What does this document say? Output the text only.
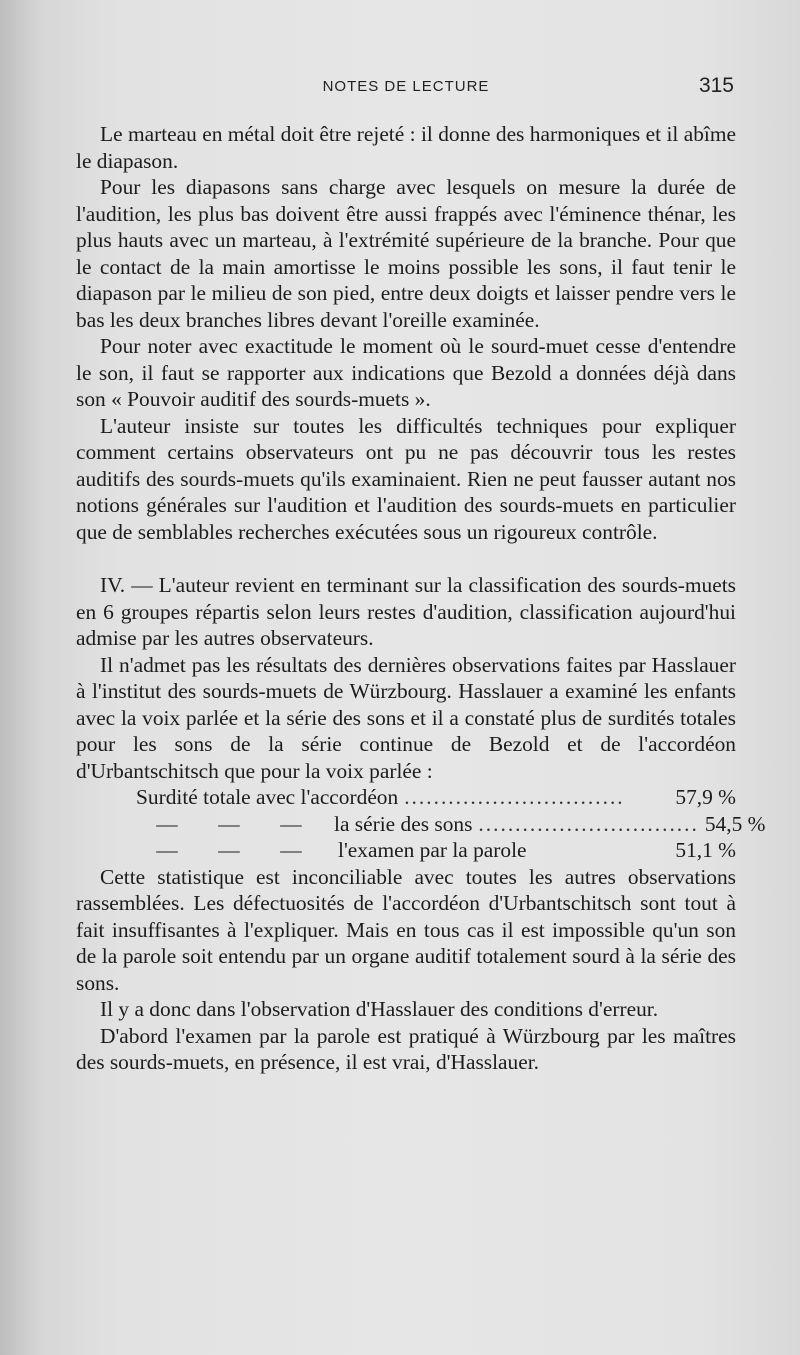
NOTES DE LECTURE	315

Le marteau en métal doit être rejeté : il donne des harmoniques et il abîme le diapason.

Pour les diapasons sans charge avec lesquels on mesure la durée de l'audition, les plus bas doivent être aussi frappés avec l'éminence thénar, les plus hauts avec un marteau, à l'extrémité supérieure de la branche. Pour que le contact de la main amortisse le moins possible les sons, il faut tenir le diapason par le milieu de son pied, entre deux doigts et laisser pendre vers le bas les deux branches libres devant l'oreille examinée.

Pour noter avec exactitude le moment où le sourd-muet cesse d'entendre le son, il faut se rapporter aux indications que Bezold a données déjà dans son « Pouvoir auditif des sourds-muets ».

L'auteur insiste sur toutes les difficultés techniques pour expliquer comment certains observateurs ont pu ne pas découvrir tous les restes auditifs des sourds-muets qu'ils examinaient. Rien ne peut fausser autant nos notions générales sur l'audition et l'audition des sourds-muets en particulier que de semblables recherches exécutées sous un rigoureux contrôle.

IV. — L'auteur revient en terminant sur la classification des sourds-muets en 6 groupes répartis selon leurs restes d'audition, classification aujourd'hui admise par les autres observateurs.

Il n'admet pas les résultats des dernières observations faites par Hasslauer à l'institut des sourds-muets de Würzbourg. Hasslauer a examiné les enfants avec la voix parlée et la série des sons et il a constaté plus de surdités totales pour les sons de la série continue de Bezold et de l'accordéon d'Urbantschitsch que pour la voix parlée :

Surdité totale avec l'accordéon ..............................	57,9 %
— — —	la série des sons .............................. 54,5 %
— — —	l'examen par la parole	51,1 %

Cette statistique est inconciliable avec toutes les autres observations rassemblées. Les défectuosités de l'accordéon d'Urbantschitsch sont tout à fait insuffisantes à l'expliquer. Mais en tous cas il est impossible qu'un son de la parole soit entendu par un organe auditif totalement sourd à la série des sons.

Il y a donc dans l'observation d'Hasslauer des conditions d'erreur.

D'abord l'examen par la parole est pratiqué à Würzbourg par les maîtres des sourds-muets, en présence, il est vrai, d'Hasslauer.
